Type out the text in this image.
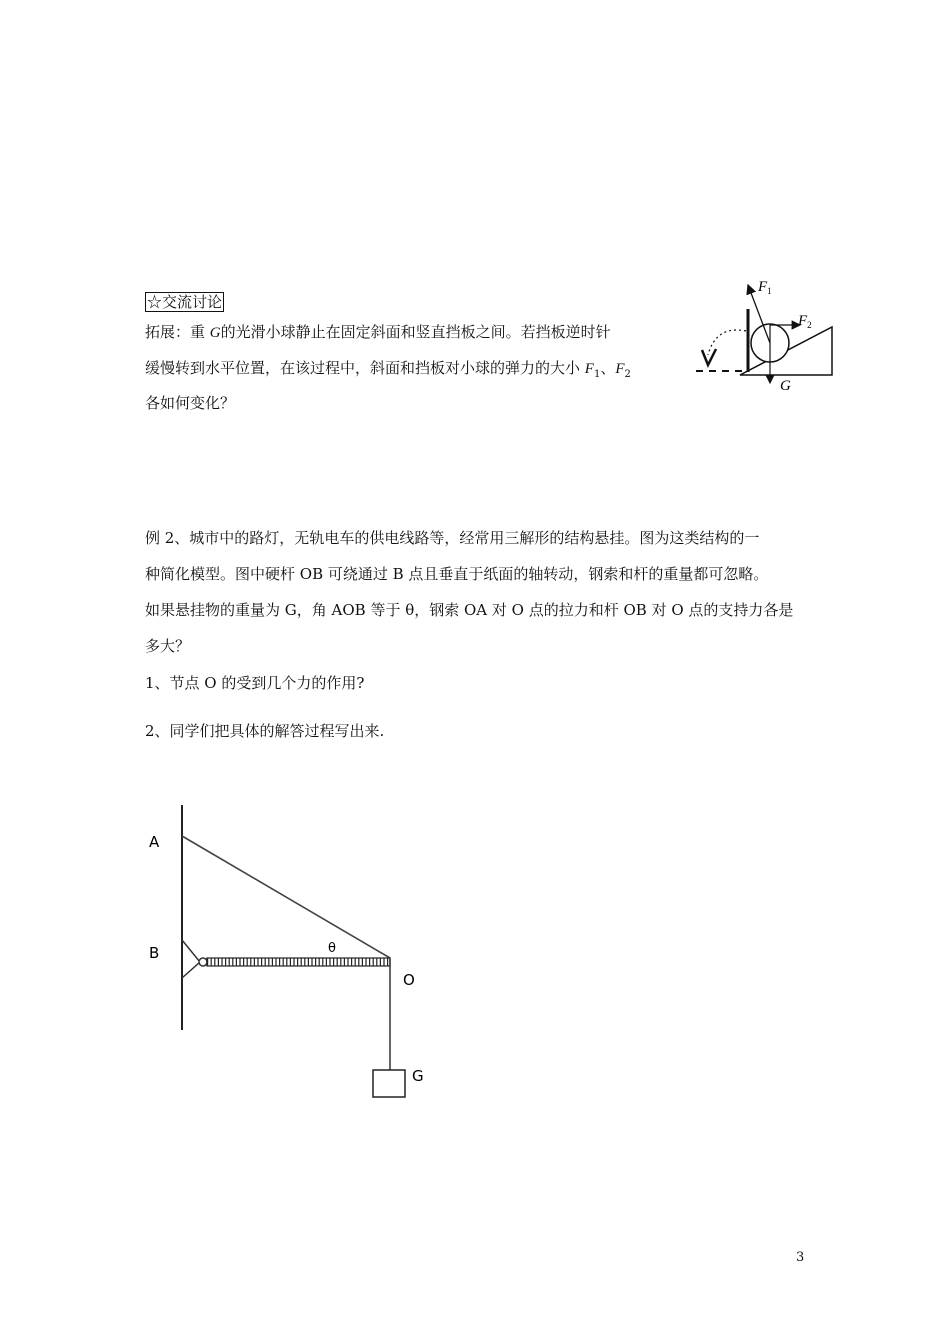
☆交流讨论
拓展：重 G的光滑小球静止在固定斜面和竖直挡板之间。若挡板逆时针
缓慢转到水平位置，在该过程中，斜面和挡板对小球的弹力的大小 $F_1$、$F_2$
各如何变化？
$F_1$
$F_2$
G
例 2、城市中的路灯，无轨电车的供电线路等，经常用三解形的结构悬挂。图为这类结构的一
种简化模型。图中硬杆 OB 可绕通过 B 点且垂直于纸面的轴转动，钢索和杆的重量都可忽略。
如果悬挂物的重量为 G，角 AOB 等于 θ，钢索 OA 对 O 点的拉力和杆 OB 对 O 点的支持力各是
多大？
1、节点 O 的受到几个力的作用?
2、同学们把具体的解答过程写出来.
A
B
O
G
θ
3
